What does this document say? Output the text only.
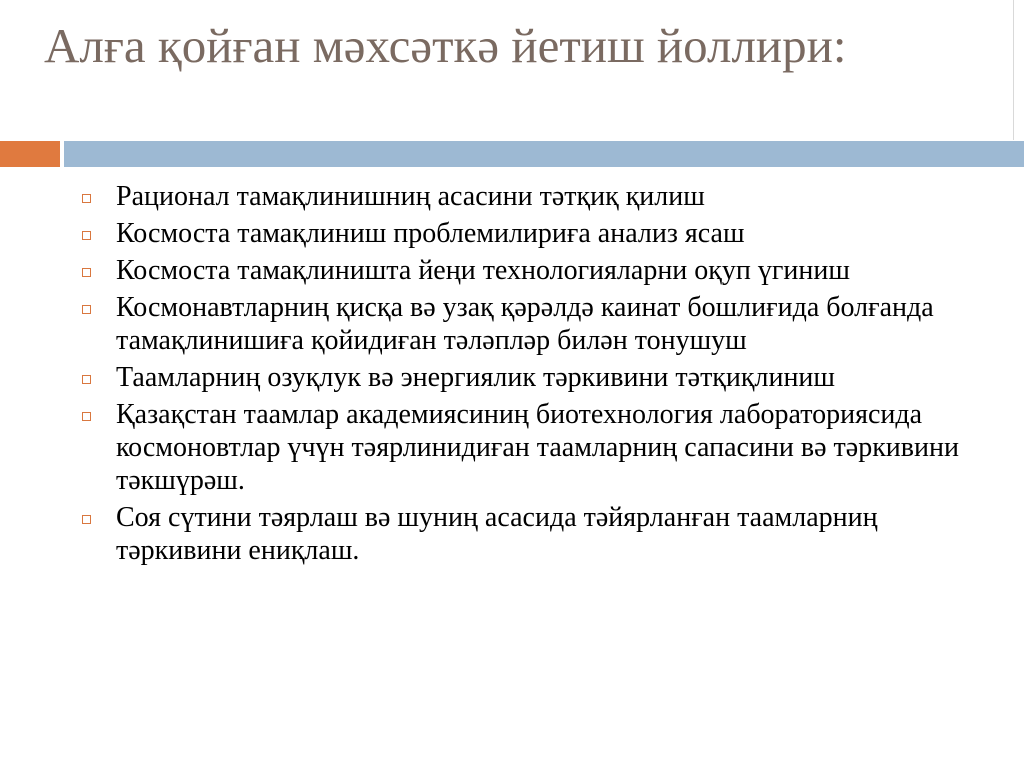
Алға қойған мәхсәткә йетиш йоллири:
Рационал тамақлинишниң асасини тәтқиқ қилиш
Космоста тамақлиниш проблемилириға анализ ясаш
Космоста тамақлиништа йеңи технологияларни оқуп үгиниш
Космонавтларниң қисқа вә узақ қәрәлдә каинат бошлиғида болғанда тамақлинишиға қойидиған тәләпләр билән тонушуш
Таамларниң озуқлук вә энергиялик тәркивини тәтқиқлиниш
Қазақстан таамлар академиясиниң биотехнология лабораториясида космоновтлар үчүн тәярлинидиған таамларниң сапасини вә тәркивини тәкшүрәш.
Соя сүтини тәярлаш вә шуниң асасида тәйярланған таамларниң тәркивини ениқлаш.
